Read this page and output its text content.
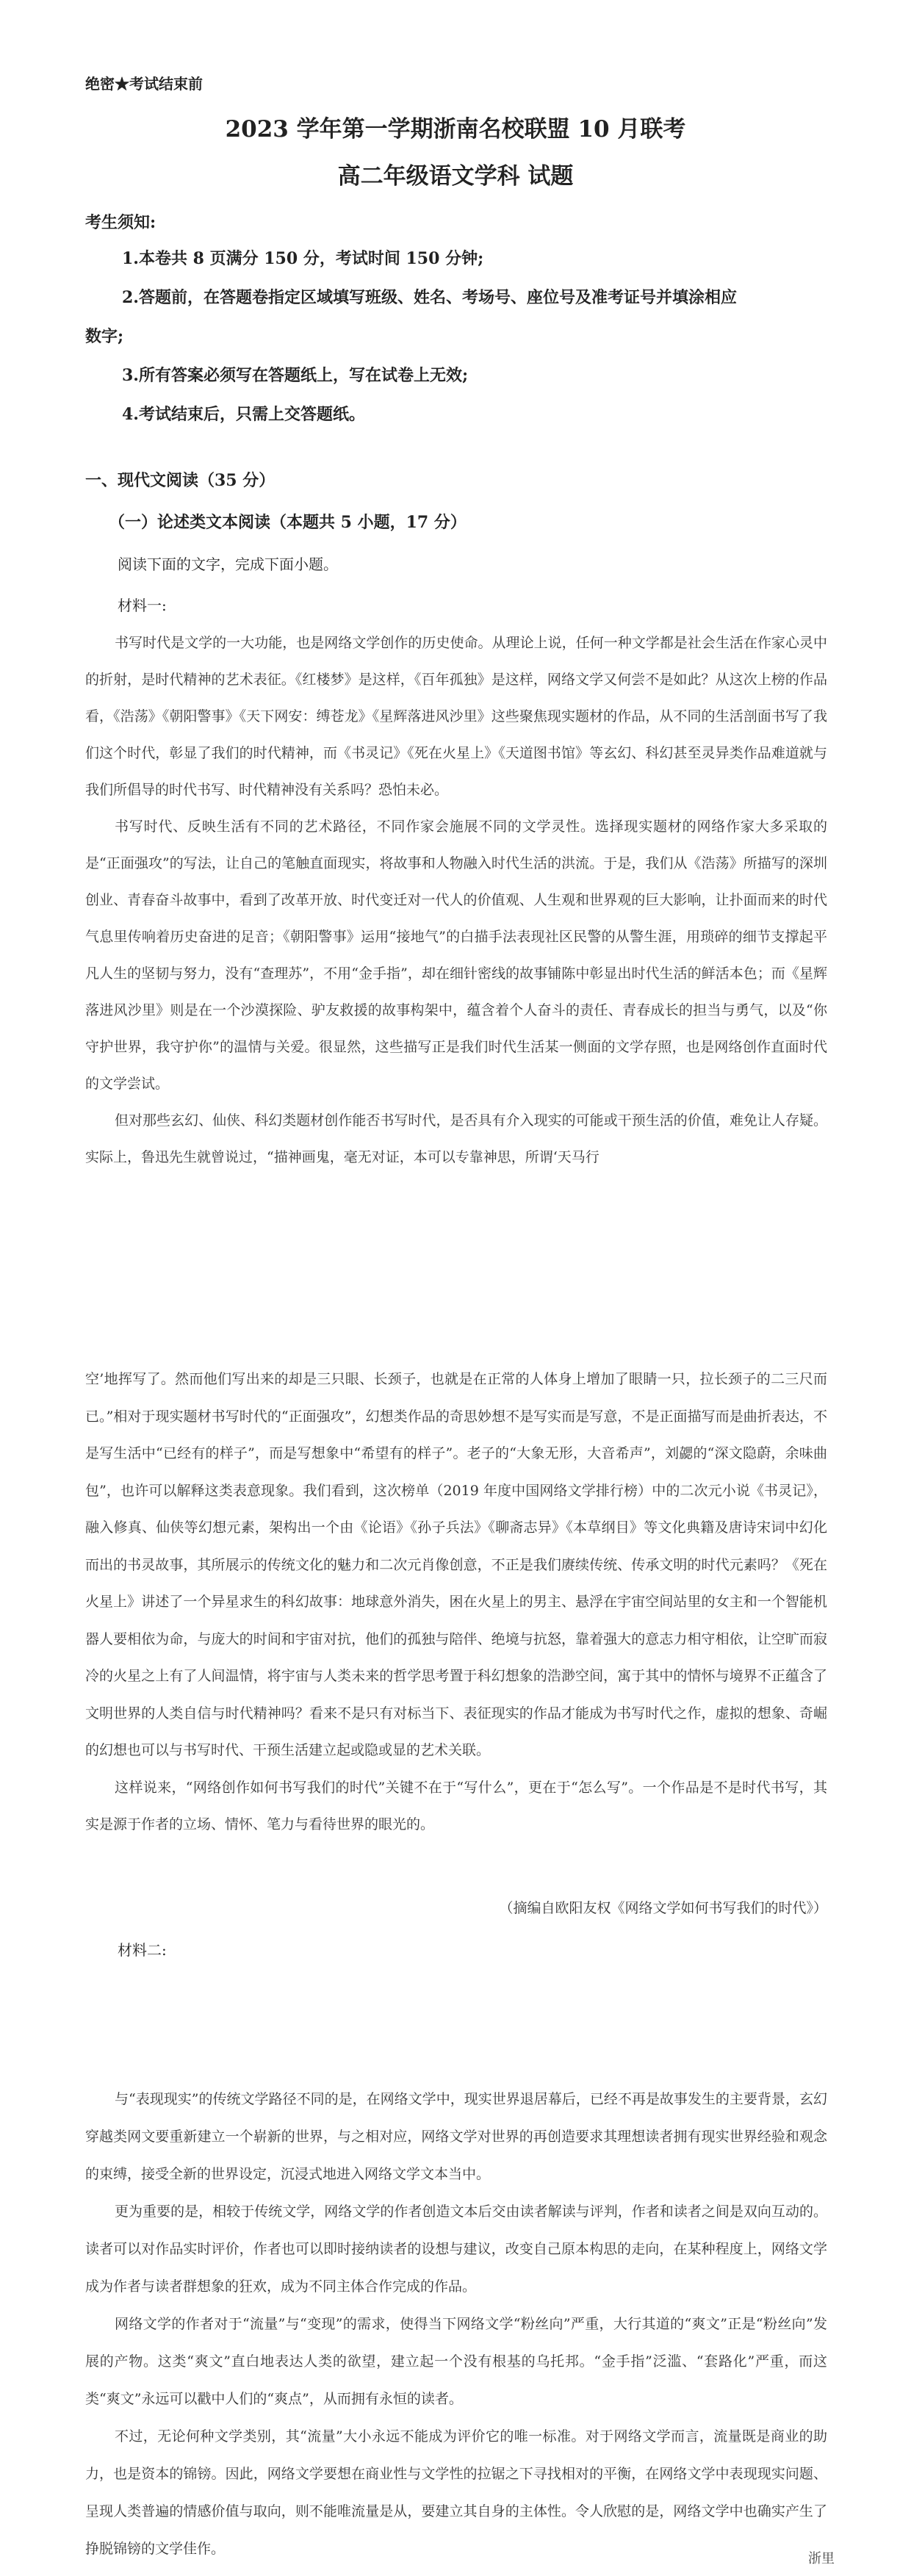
绝密★考试结束前
2023 学年第一学期浙南名校联盟 10 月联考
高二年级语文学科 试题
考生须知:
1.本卷共 8 页满分 150 分，考试时间 150 分钟;
2.答题前，在答题卷指定区域填写班级、姓名、考场号、座位号及准考证号并填涂相应
数字;
3.所有答案必须写在答题纸上，写在试卷上无效;
4.考试结束后，只需上交答题纸。
一、现代文阅读（35 分）
（一）论述类文本阅读（本题共 5 小题，17 分）
阅读下面的文字，完成下面小题。
材料一:

书写时代是文学的一大功能，也是网络文学创作的历史使命。从理论上说，任何一种文学都是社会生活在作家心灵中的折射，是时代精神的艺术表征。《红楼梦》是这样，《百年孤独》是这样，网络文学又何尝不是如此？从这次上榜的作品看，《浩荡》《朝阳警事》《天下网安：缚苍龙》《星辉落进风沙里》这些聚焦现实题材的作品，从不同的生活剖面书写了我们这个时代，彰显了我们的时代精神，而《书灵记》《死在火星上》《天道图书馆》等玄幻、科幻甚至灵异类作品难道就与我们所倡导的时代书写、时代精神没有关系吗？恐怕未必。

书写时代、反映生活有不同的艺术路径，不同作家会施展不同的文学灵性。选择现实题材的网络作家大多采取的是“正面强攻”的写法，让自己的笔触直面现实，将故事和人物融入时代生活的洪流。于是，我们从《浩荡》所描写的深圳创业、青春奋斗故事中，看到了改革开放、时代变迁对一代人的价值观、人生观和世界观的巨大影响，让扑面而来的时代气息里传响着历史奋进的足音；《朝阳警事》运用“接地气”的白描手法表现社区民警的从警生涯，用琐碎的细节支撑起平凡人生的坚韧与努力，没有“查理苏”，不用“金手指”，却在细针密线的故事铺陈中彰显出时代生活的鲜活本色；而《星辉落进风沙里》则是在一个沙漠探险、驴友救援的故事构架中，蕴含着个人奋斗的责任、青春成长的担当与勇气，以及“你守护世界，我守护你”的温情与关爱。很显然，这些描写正是我们时代生活某一侧面的文学存照，也是网络创作直面时代的文学尝试。

但对那些玄幻、仙侠、科幻类题材创作能否书写时代，是否具有介入现实的可能或干预生活的价值，难免让人存疑。实际上，鲁迅先生就曾说过，“描神画鬼，毫无对证，本可以专靠神思，所谓‘天马行

空’地挥写了。然而他们写出来的却是三只眼、长颈子，也就是在正常的人体身上增加了眼睛一只，拉长颈子的二三尺而已。”相对于现实题材书写时代的“正面强攻”，幻想类作品的奇思妙想不是写实而是写意，不是正面描写而是曲折表达，不是写生活中“已经有的样子”，而是写想象中“希望有的样子”。老子的“大象无形，大音希声”，刘勰的“深文隐蔚，余味曲包”，也许可以解释这类表意现象。我们看到，这次榜单（2019 年度中国网络文学排行榜）中的二次元小说《书灵记》，融入修真、仙侠等幻想元素，架构出一个由《论语》《孙子兵法》《聊斋志异》《本草纲目》等文化典籍及唐诗宋词中幻化而出的书灵故事，其所展示的传统文化的魅力和二次元肖像创意，不正是我们赓续传统、传承文明的时代元素吗？《死在火星上》讲述了一个异星求生的科幻故事：地球意外消失，困在火星上的男主、悬浮在宇宙空间站里的女主和一个智能机器人要相依为命，与庞大的时间和宇宙对抗，他们的孤独与陪伴、绝境与抗怒，靠着强大的意志力相守相依，让空旷而寂冷的火星之上有了人间温情，将宇宙与人类未来的哲学思考置于科幻想象的浩渺空间，寓于其中的情怀与境界不正蕴含了文明世界的人类自信与时代精神吗？看来不是只有对标当下、表征现实的作品才能成为书写时代之作，虚拟的想象、奇崛的幻想也可以与书写时代、干预生活建立起或隐或显的艺术关联。

这样说来，“网络创作如何书写我们的时代”关键不在于“写什么”，更在于“怎么写”。一个作品是不是时代书写，其实是源于作者的立场、情怀、笔力与看待世界的眼光的。

（摘编自欧阳友权《网络文学如何书写我们的时代》）
材料二:

与“表现现实”的传统文学路径不同的是，在网络文学中，现实世界退居幕后，已经不再是故事发生的主要背景，玄幻穿越类网文要重新建立一个崭新的世界，与之相对应，网络文学对世界的再创造要求其理想读者拥有现实世界经验和观念的束缚，接受全新的世界设定，沉浸式地进入网络文学文本当中。

更为重要的是，相较于传统文学，网络文学的作者创造文本后交由读者解读与评判，作者和读者之间是双向互动的。读者可以对作品实时评价，作者也可以即时接纳读者的设想与建议，改变自己原本构思的走向，在某种程度上，网络文学成为作者与读者群想象的狂欢，成为不同主体合作完成的作品。

网络文学的作者对于“流量”与“变现”的需求，使得当下网络文学“粉丝向”严重，大行其道的“爽文”正是“粉丝向”发展的产物。这类“爽文”直白地表达人类的欲望，建立起一个没有根基的乌托邦。“金手指”泛滥、“套路化”严重，而这类“爽文”永远可以戳中人们的“爽点”，从而拥有永恒的读者。

不过，无论何种文学类别，其“流量”大小永远不能成为评价它的唯一标准。对于网络文学而言，流量既是商业的助力，也是资本的锦镑。因此，网络文学要想在商业性与文学性的拉锯之下寻找相对的平衡，在网络文学中表现现实问题、呈现人类普遍的情感价值与取向，则不能唯流量是从，要建立其自身的主体性。令人欣慰的是，网络文学中也确实产生了挣脱锦镑的文学佳作。

浙里
